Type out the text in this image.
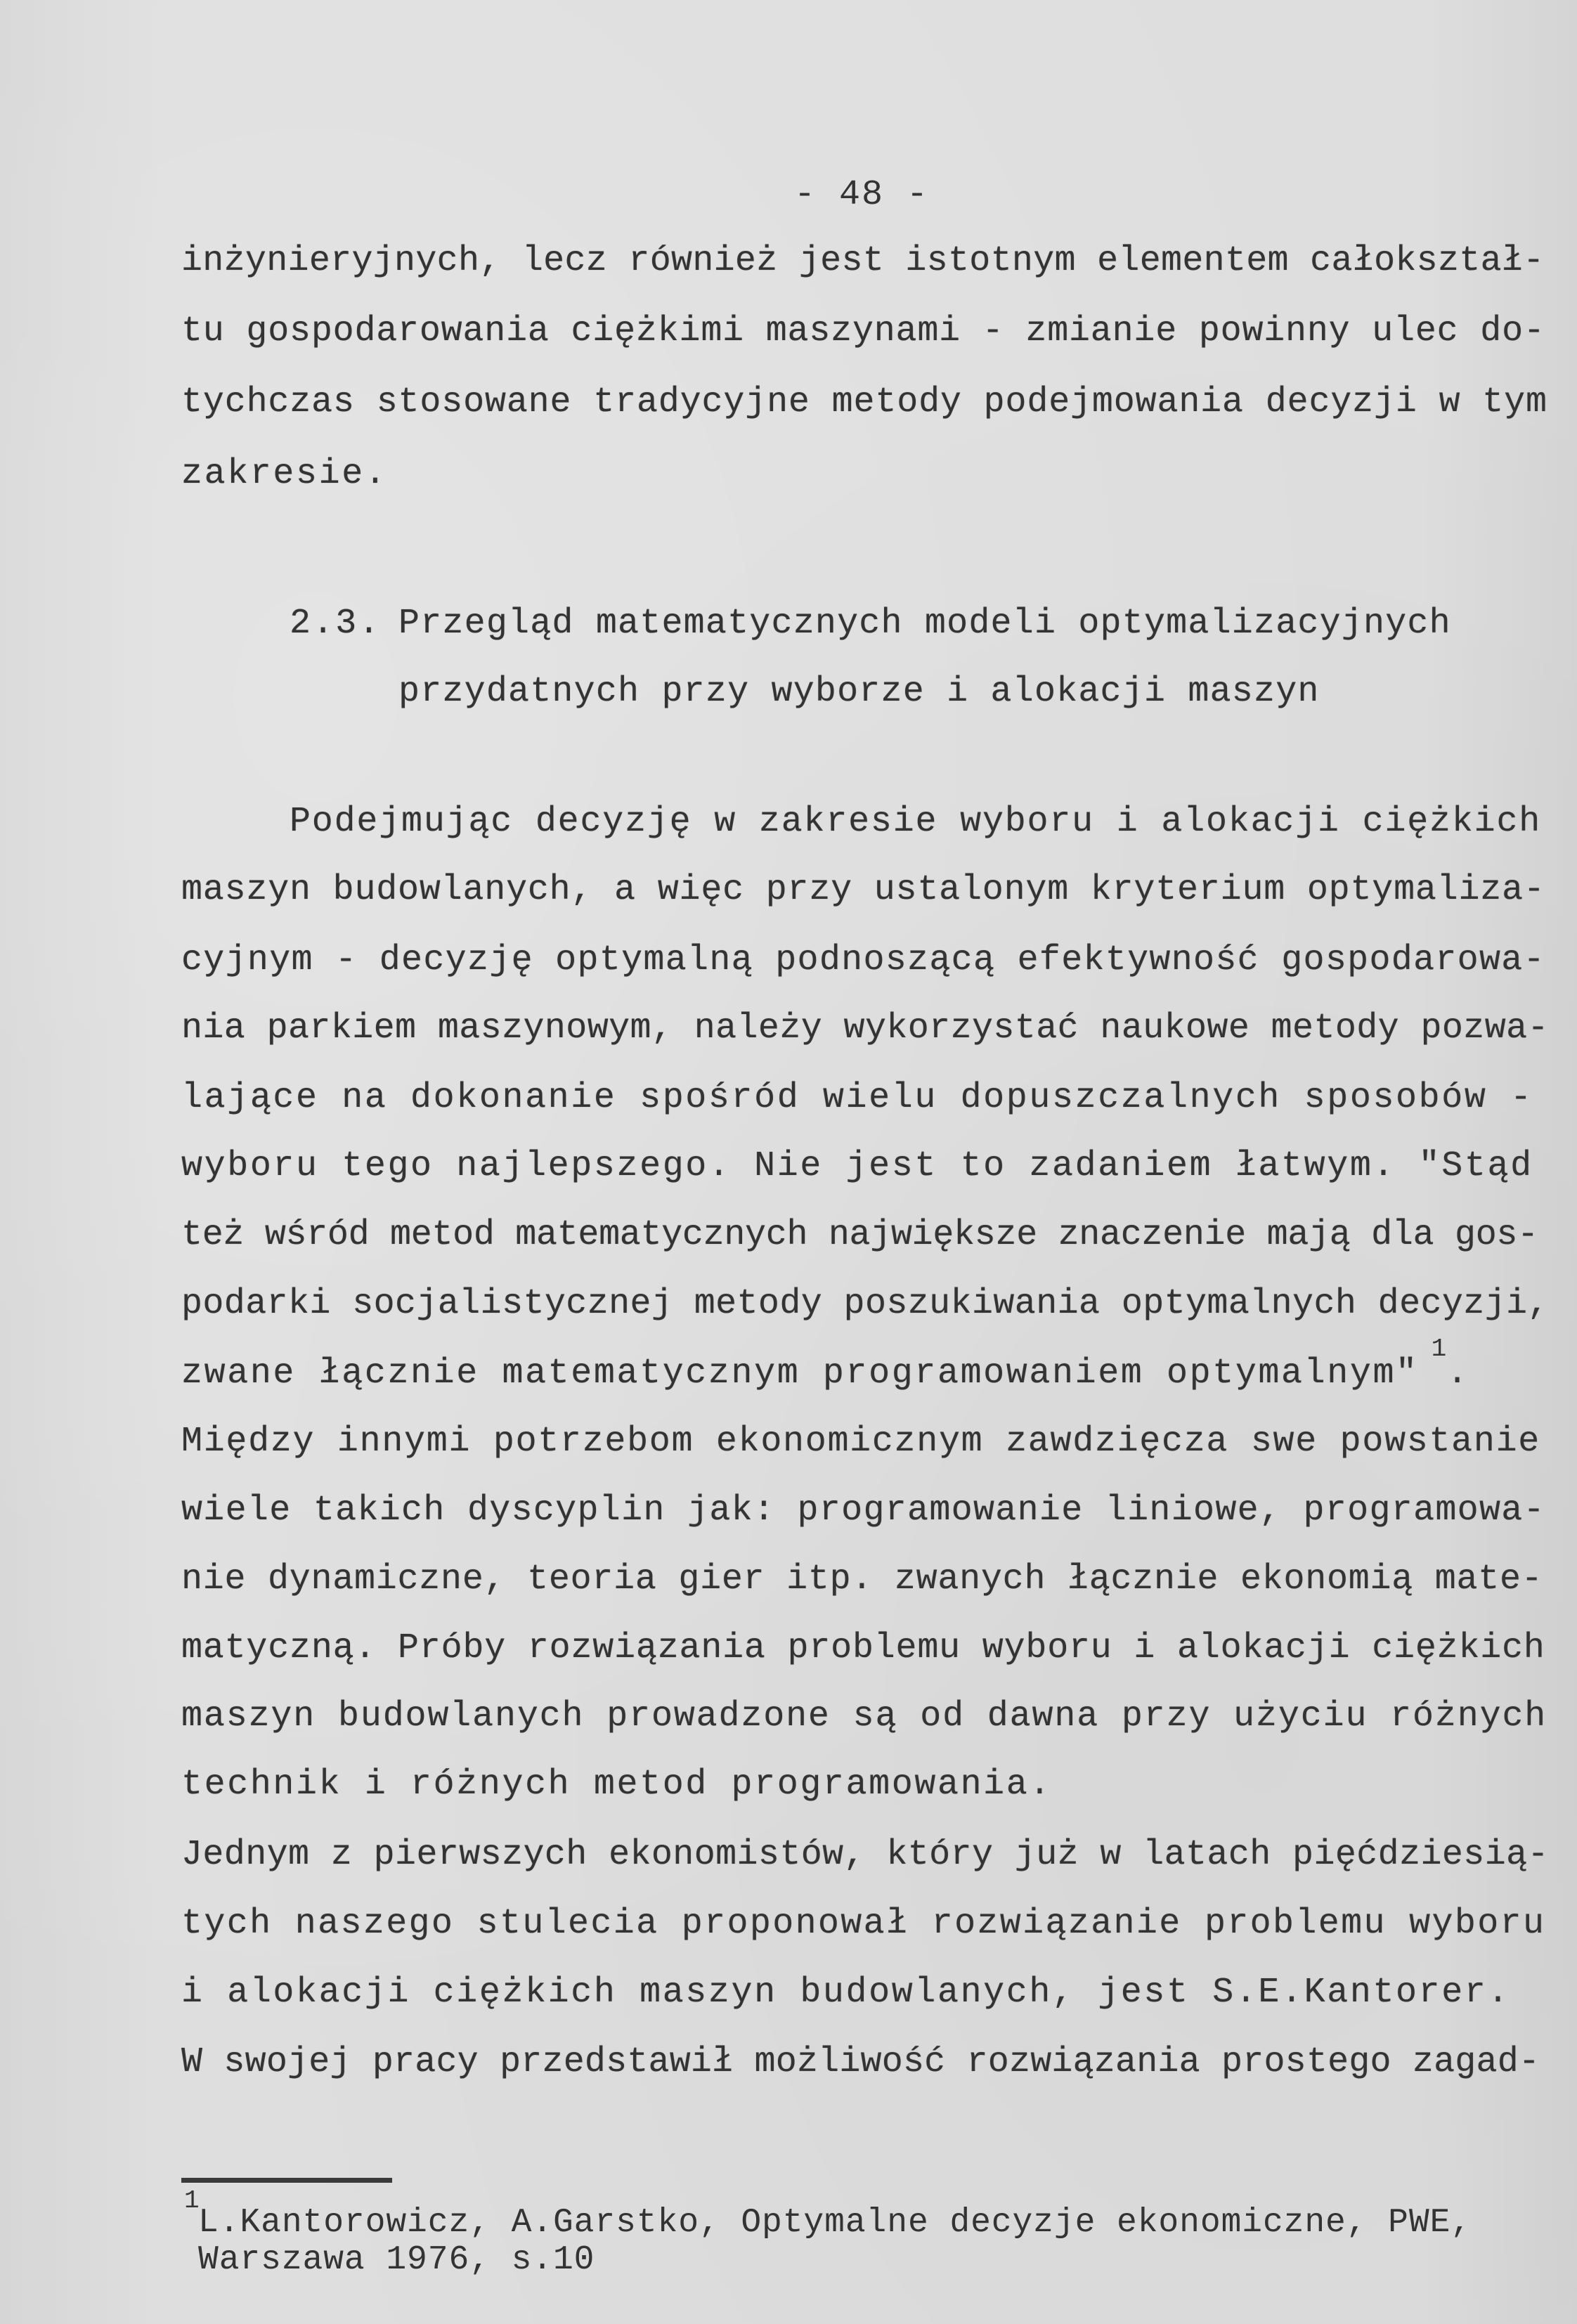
- 48 -
inżynieryjnych, lecz również jest istotnym elementem całokształ-
tu gospodarowania ciężkimi maszynami - zmianie powinny ulec do-
tychczas stosowane tradycyjne metody podejmowania decyzji w tym
zakresie.
2.3. Przegląd matematycznych modeli optymalizacyjnych
przydatnych przy wyborze i alokacji maszyn
Podejmując decyzję w zakresie wyboru i alokacji ciężkich
maszyn budowlanych, a więc przy ustalonym kryterium optymaliza-
cyjnym - decyzję optymalną podnoszącą efektywność gospodarowa-
nia parkiem maszynowym, należy wykorzystać naukowe metody pozwa-
lające na dokonanie spośród wielu dopuszczalnych sposobów -
wyboru tego najlepszego. Nie jest to zadaniem łatwym. "Stąd
też wśród metod matematycznych największe znaczenie mają dla gos-
podarki socjalistycznej metody poszukiwania optymalnych decyzji,
zwane łącznie matematycznym programowaniem optymalnym"
1
.
Między innymi potrzebom ekonomicznym zawdzięcza swe powstanie
wiele takich dyscyplin jak: programowanie liniowe, programowa-
nie dynamiczne, teoria gier itp. zwanych łącznie ekonomią mate-
matyczną. Próby rozwiązania problemu wyboru i alokacji ciężkich
maszyn budowlanych prowadzone są od dawna przy użyciu różnych
technik i różnych metod programowania.
Jednym z pierwszych ekonomistów, który już w latach pięćdziesią-
tych naszego stulecia proponował rozwiązanie problemu wyboru
i alokacji ciężkich maszyn budowlanych, jest S.E.Kantorer.
W swojej pracy przedstawił możliwość rozwiązania prostego zagad-
1
L.Kantorowicz, A.Garstko, Optymalne decyzje ekonomiczne, PWE,
Warszawa 1976, s.10
